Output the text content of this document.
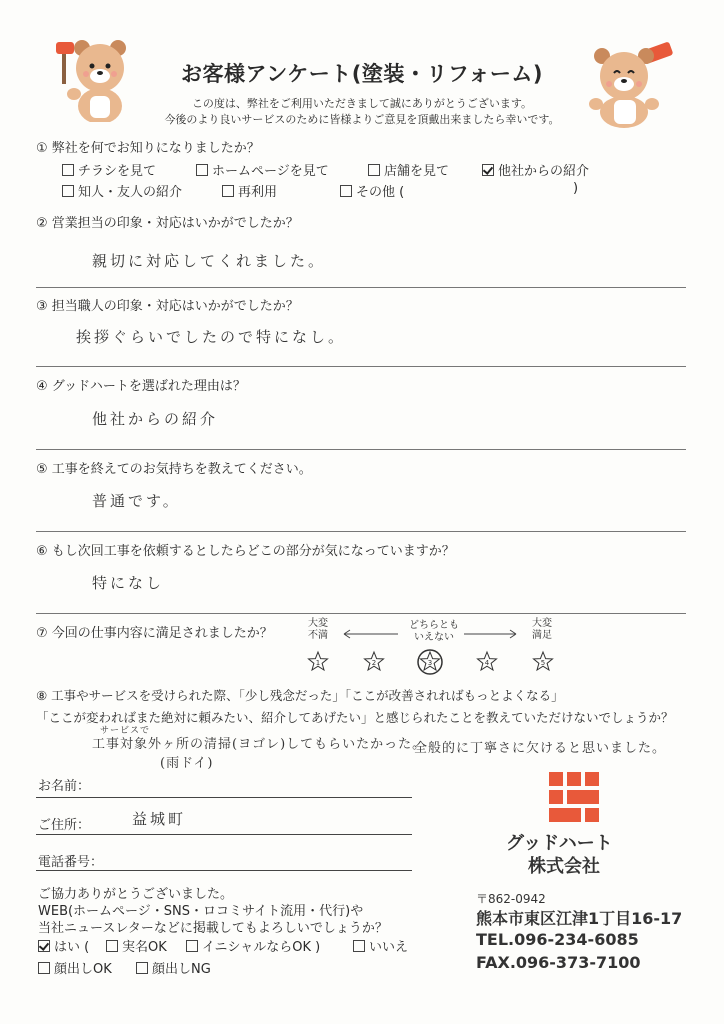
お客様アンケート(塗装・リフォーム)
この度は、弊社をご利用いただきまして誠にありがとうございます。
今後のより良いサービスのために皆様よりご意見を頂戴出来ましたら幸いです。
① 弊社を何でお知りになりましたか？
チラシを見て	ホームページを見て	店舗を見て	他社からの紹介
知人・友人の紹介	再利用	その他 (	)
② 営業担当の印象・対応はいかがでしたか？
親切に対応してくれました。
③ 担当職人の印象・対応はいかがでしたか？
挨拶ぐらいでしたので特になし。
④ グッドハートを選ばれた理由は？
他社からの紹介
⑤ 工事を終えてのお気持ちを教えてください。
普通です。
⑥ もし次回工事を依頼するとしたらどこの部分が気になっていますか？
特になし
⑦ 今回の仕事内容に満足されましたか？
大変
不満
どちらとも
いえない
大変
満足
1	2	3	4	5
⑧ 工事やサービスを受けられた際、「少し残念だった」「ここが改善されればもっとよくなる」
「ここが変わればまた絶対に頼みたい、紹介してあげたい」と感じられたことを教えていただけないでしょうか？
サービスで
工事対象外ヶ所の清掃(ヨゴレ)してもらいたかった。
(雨ドイ)
全般的に丁寧さに欠けると思いました。
お名前：
ご住所：	益城町
電話番号：
ご協力ありがとうございました。
WEB(ホームページ・SNS・ロコミサイト流用・代行)や
当社ニュースレターなどに掲載してもよろしいでしょうか？
はい (	実名OK	イニシャルならOK )	いいえ
顔出しOK	顔出しNG
グッドハート
株式会社
〒862-0942
熊本市東区江津1丁目16-17
TEL.096-234-6085
FAX.096-373-7100
